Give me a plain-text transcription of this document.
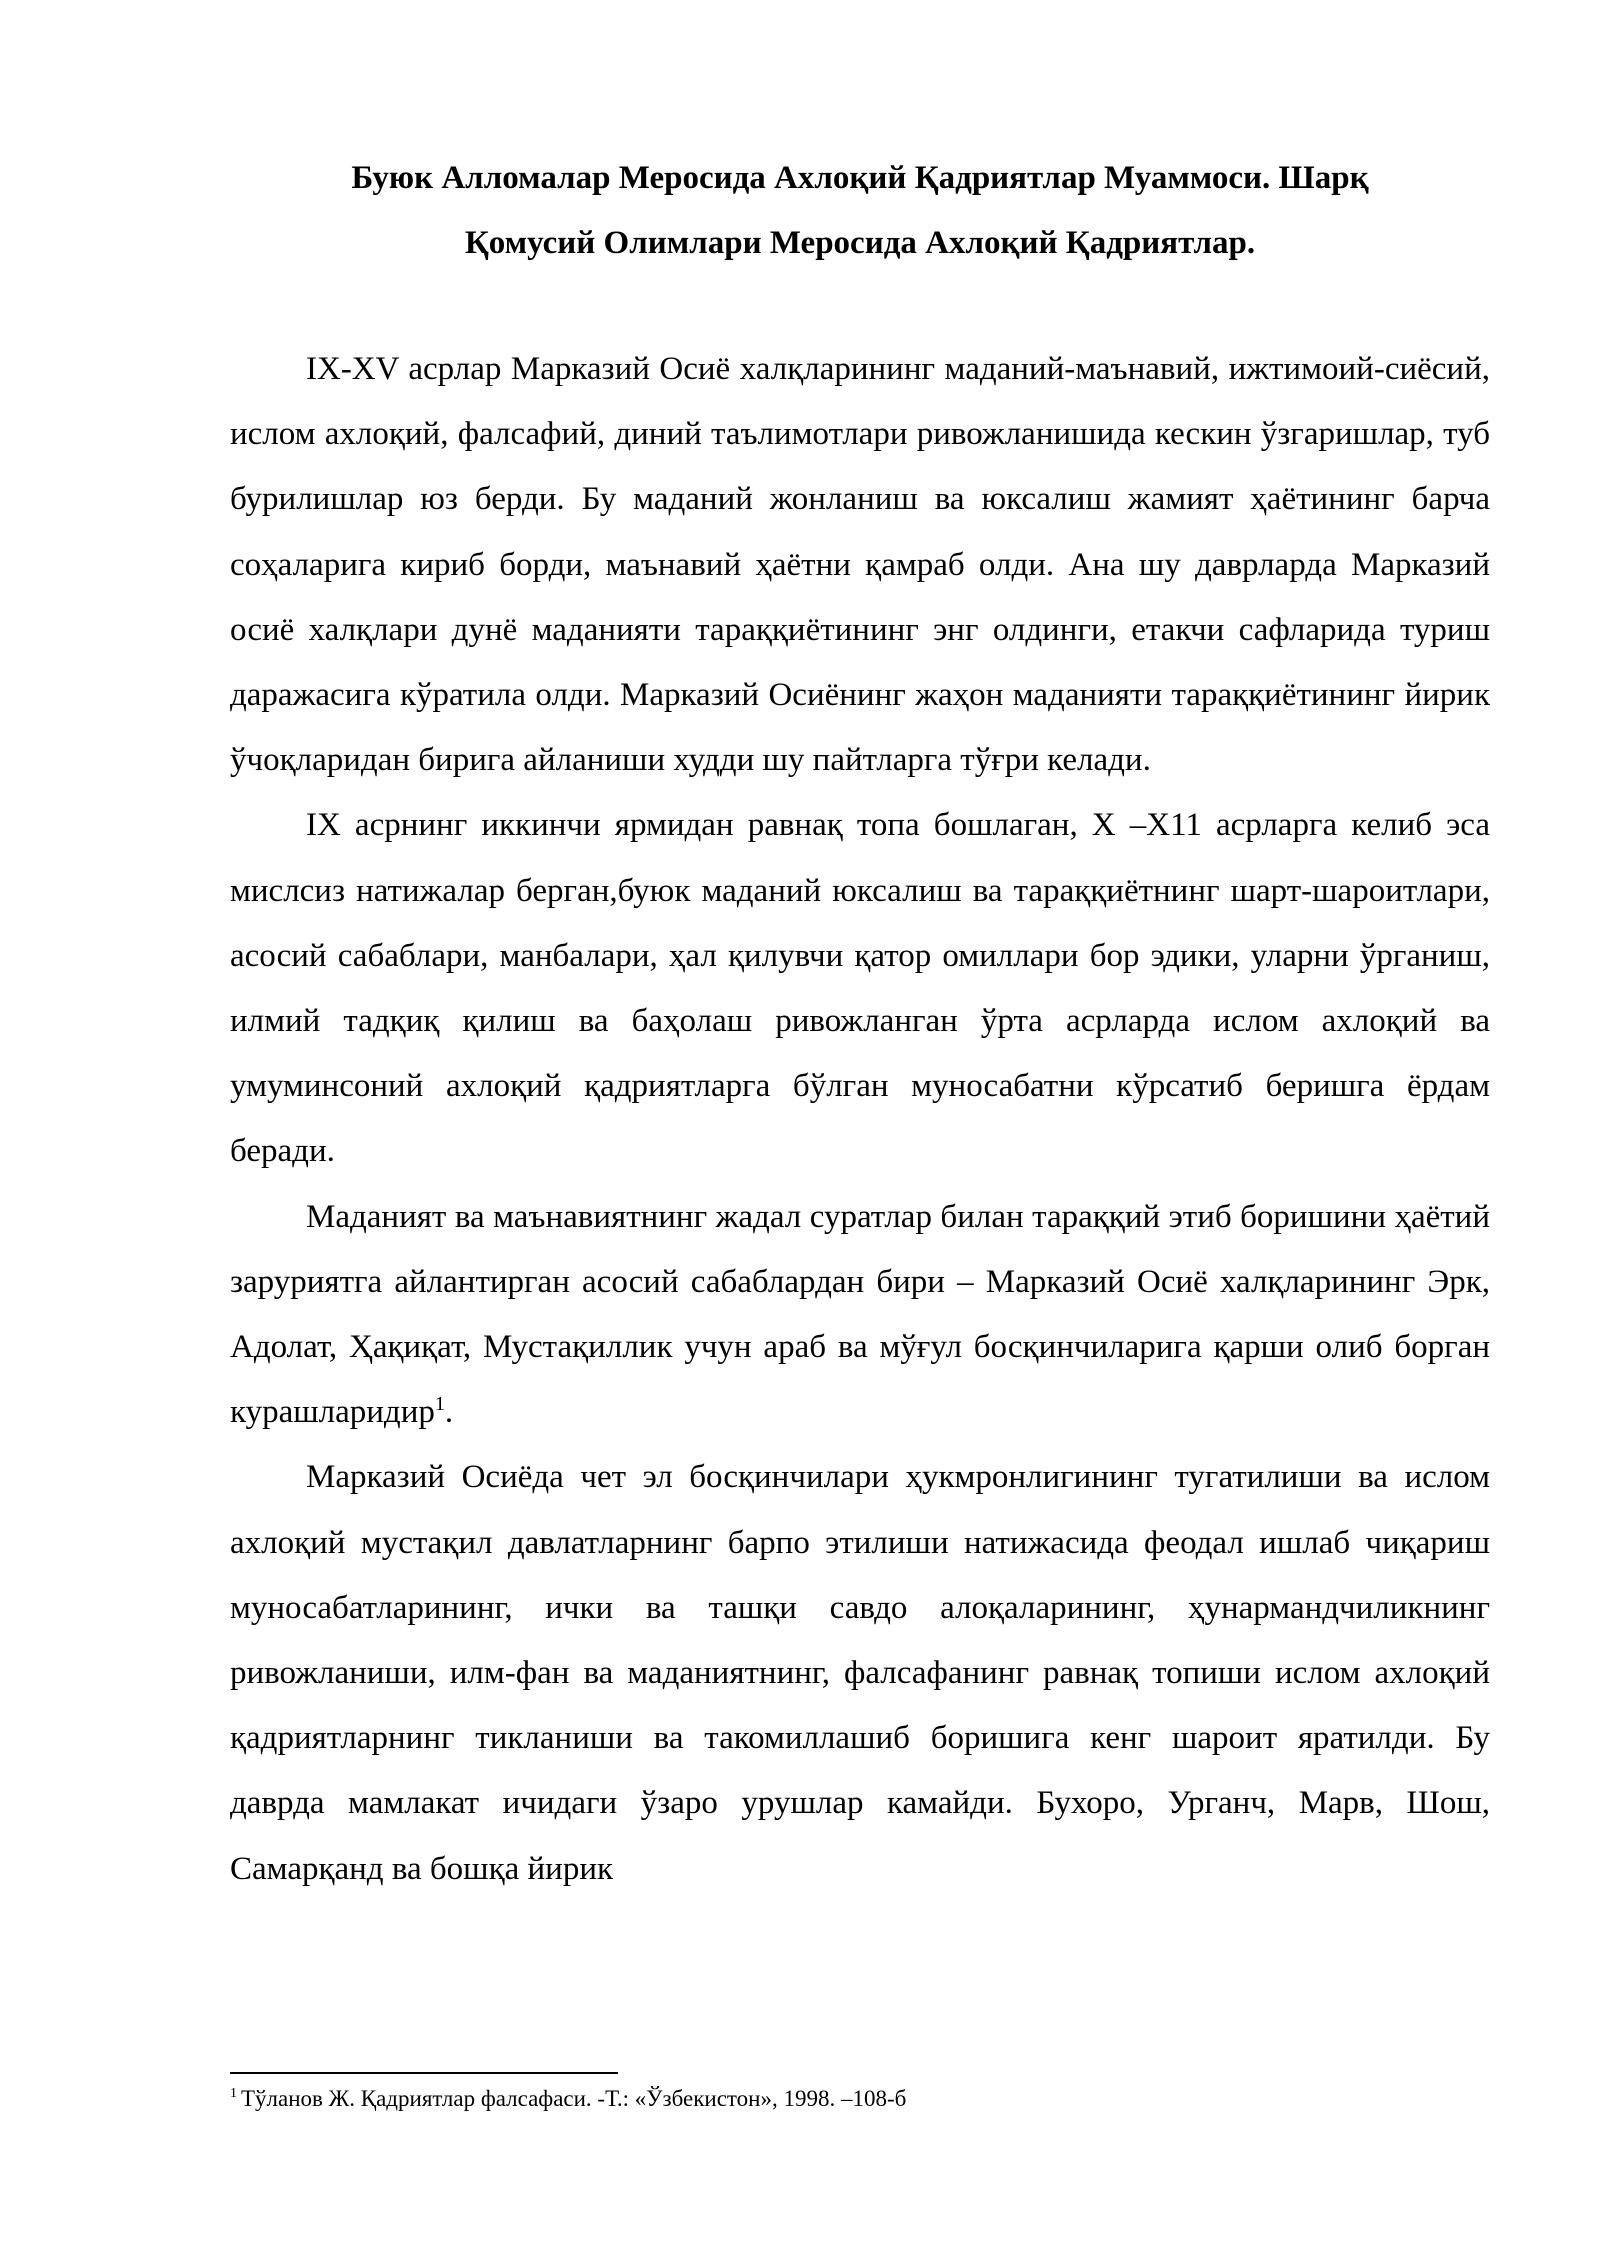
Буюк Алломалар Меросида Ахлоқий Қадриятлар Муаммоси. Шарқ
Қомусий Олимлари Меросида Ахлоқий Қадриятлар.

IX-XV асрлар Марказий Осиё халқларининг маданий-маънавий, ижтимоий-сиёсий, ислом ахлоқий, фалсафий, диний таълимотлари ривожланишида кескин ўзгаришлар, туб бурилишлар юз берди. Бу маданий жонланиш ва юксалиш жамият ҳаётининг барча соҳаларига кириб борди, маънавий ҳаётни қамраб олди. Ана шу даврларда Марказий осиё халқлари дунё маданияти тараққиётининг энг олдинги, етакчи сафларида туриш даражасига кўратила олди. Марказий Осиёнинг жаҳон маданияти тараққиётининг йирик ўчоқларидан бирига айланиши худди шу пайтларга тўғри келади.

IX асрнинг иккинчи ярмидан равнақ топа бошлаган, X –X11 асрларга келиб эса мислсиз натижалар берган,буюк маданий юксалиш ва тараққиётнинг шарт-шароитлари, асосий сабаблари, манбалари, ҳал қилувчи қатор омиллари бор эдики, уларни ўрганиш, илмий тадқиқ қилиш ва баҳолаш ривожланган ўрта асрларда ислом ахлоқий ва умуминсоний ахлоқий қадриятларга бўлган муносабатни кўрсатиб беришга ёрдам беради.

Маданият ва маънавиятнинг жадал суратлар билан тараққий этиб боришини ҳаётий заруриятга айлантирган асосий сабаблардан бири – Марказий Осиё халқларининг Эрк, Адолат, Ҳақиқат, Мустақиллик учун араб ва мўғул босқинчиларига қарши олиб борган курашларидир$^1$.

Марказий Осиёда чет эл босқинчилари ҳукмронлигининг тугатилиши ва ислом ахлоқий мустақил давлатларнинг барпо этилиши натижасида феодал ишлаб чиқариш муносабатларининг, ички ва ташқи савдо алоқаларининг, ҳунармандчиликнинг ривожланиши, илм-фан ва маданиятнинг, фалсафанинг равнақ топиши ислом ахлоқий қадриятларнинг тикланиши ва такомиллашиб боришига кенг шароит яратилди. Бу даврда мамлакат ичидаги ўзаро урушлар камайди. Бухоро, Урганч, Марв, Шош, Самарқанд ва бошқа йирик

$^1$ Тўланов Ж. Қадриятлар фалсафаси. -Т.: «Ўзбекистон», 1998. –108-б
